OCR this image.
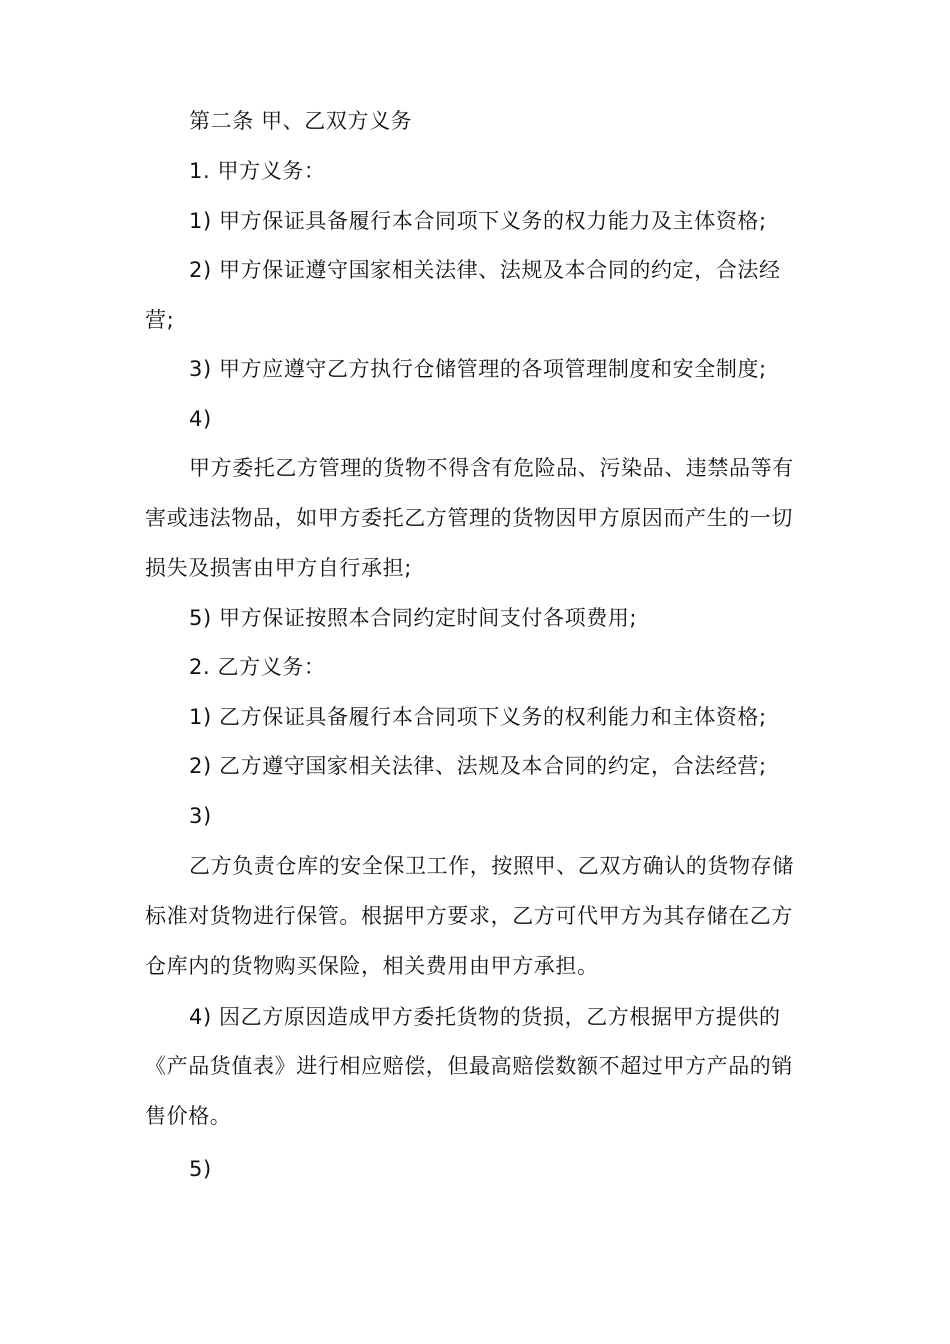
第二条 甲、乙双方义务
1. 甲方义务：
1) 甲方保证具备履行本合同项下义务的权力能力及主体资格;
2) 甲方保证遵守国家相关法律、法规及本合同的约定，合法经
营;
3) 甲方应遵守乙方执行仓储管理的各项管理制度和安全制度;
4)
甲方委托乙方管理的货物不得含有危险品、污染品、违禁品等有
害或违法物品，如甲方委托乙方管理的货物因甲方原因而产生的一切
损失及损害由甲方自行承担;
5) 甲方保证按照本合同约定时间支付各项费用;
2. 乙方义务：
1) 乙方保证具备履行本合同项下义务的权利能力和主体资格;
2) 乙方遵守国家相关法律、法规及本合同的约定，合法经营;
3)
乙方负责仓库的安全保卫工作，按照甲、乙双方确认的货物存储
标准对货物进行保管。根据甲方要求，乙方可代甲方为其存储在乙方
仓库内的货物购买保险，相关费用由甲方承担。
4) 因乙方原因造成甲方委托货物的货损，乙方根据甲方提供的
《产品货值表》进行相应赔偿，但最高赔偿数额不超过甲方产品的销
售价格。
5)
